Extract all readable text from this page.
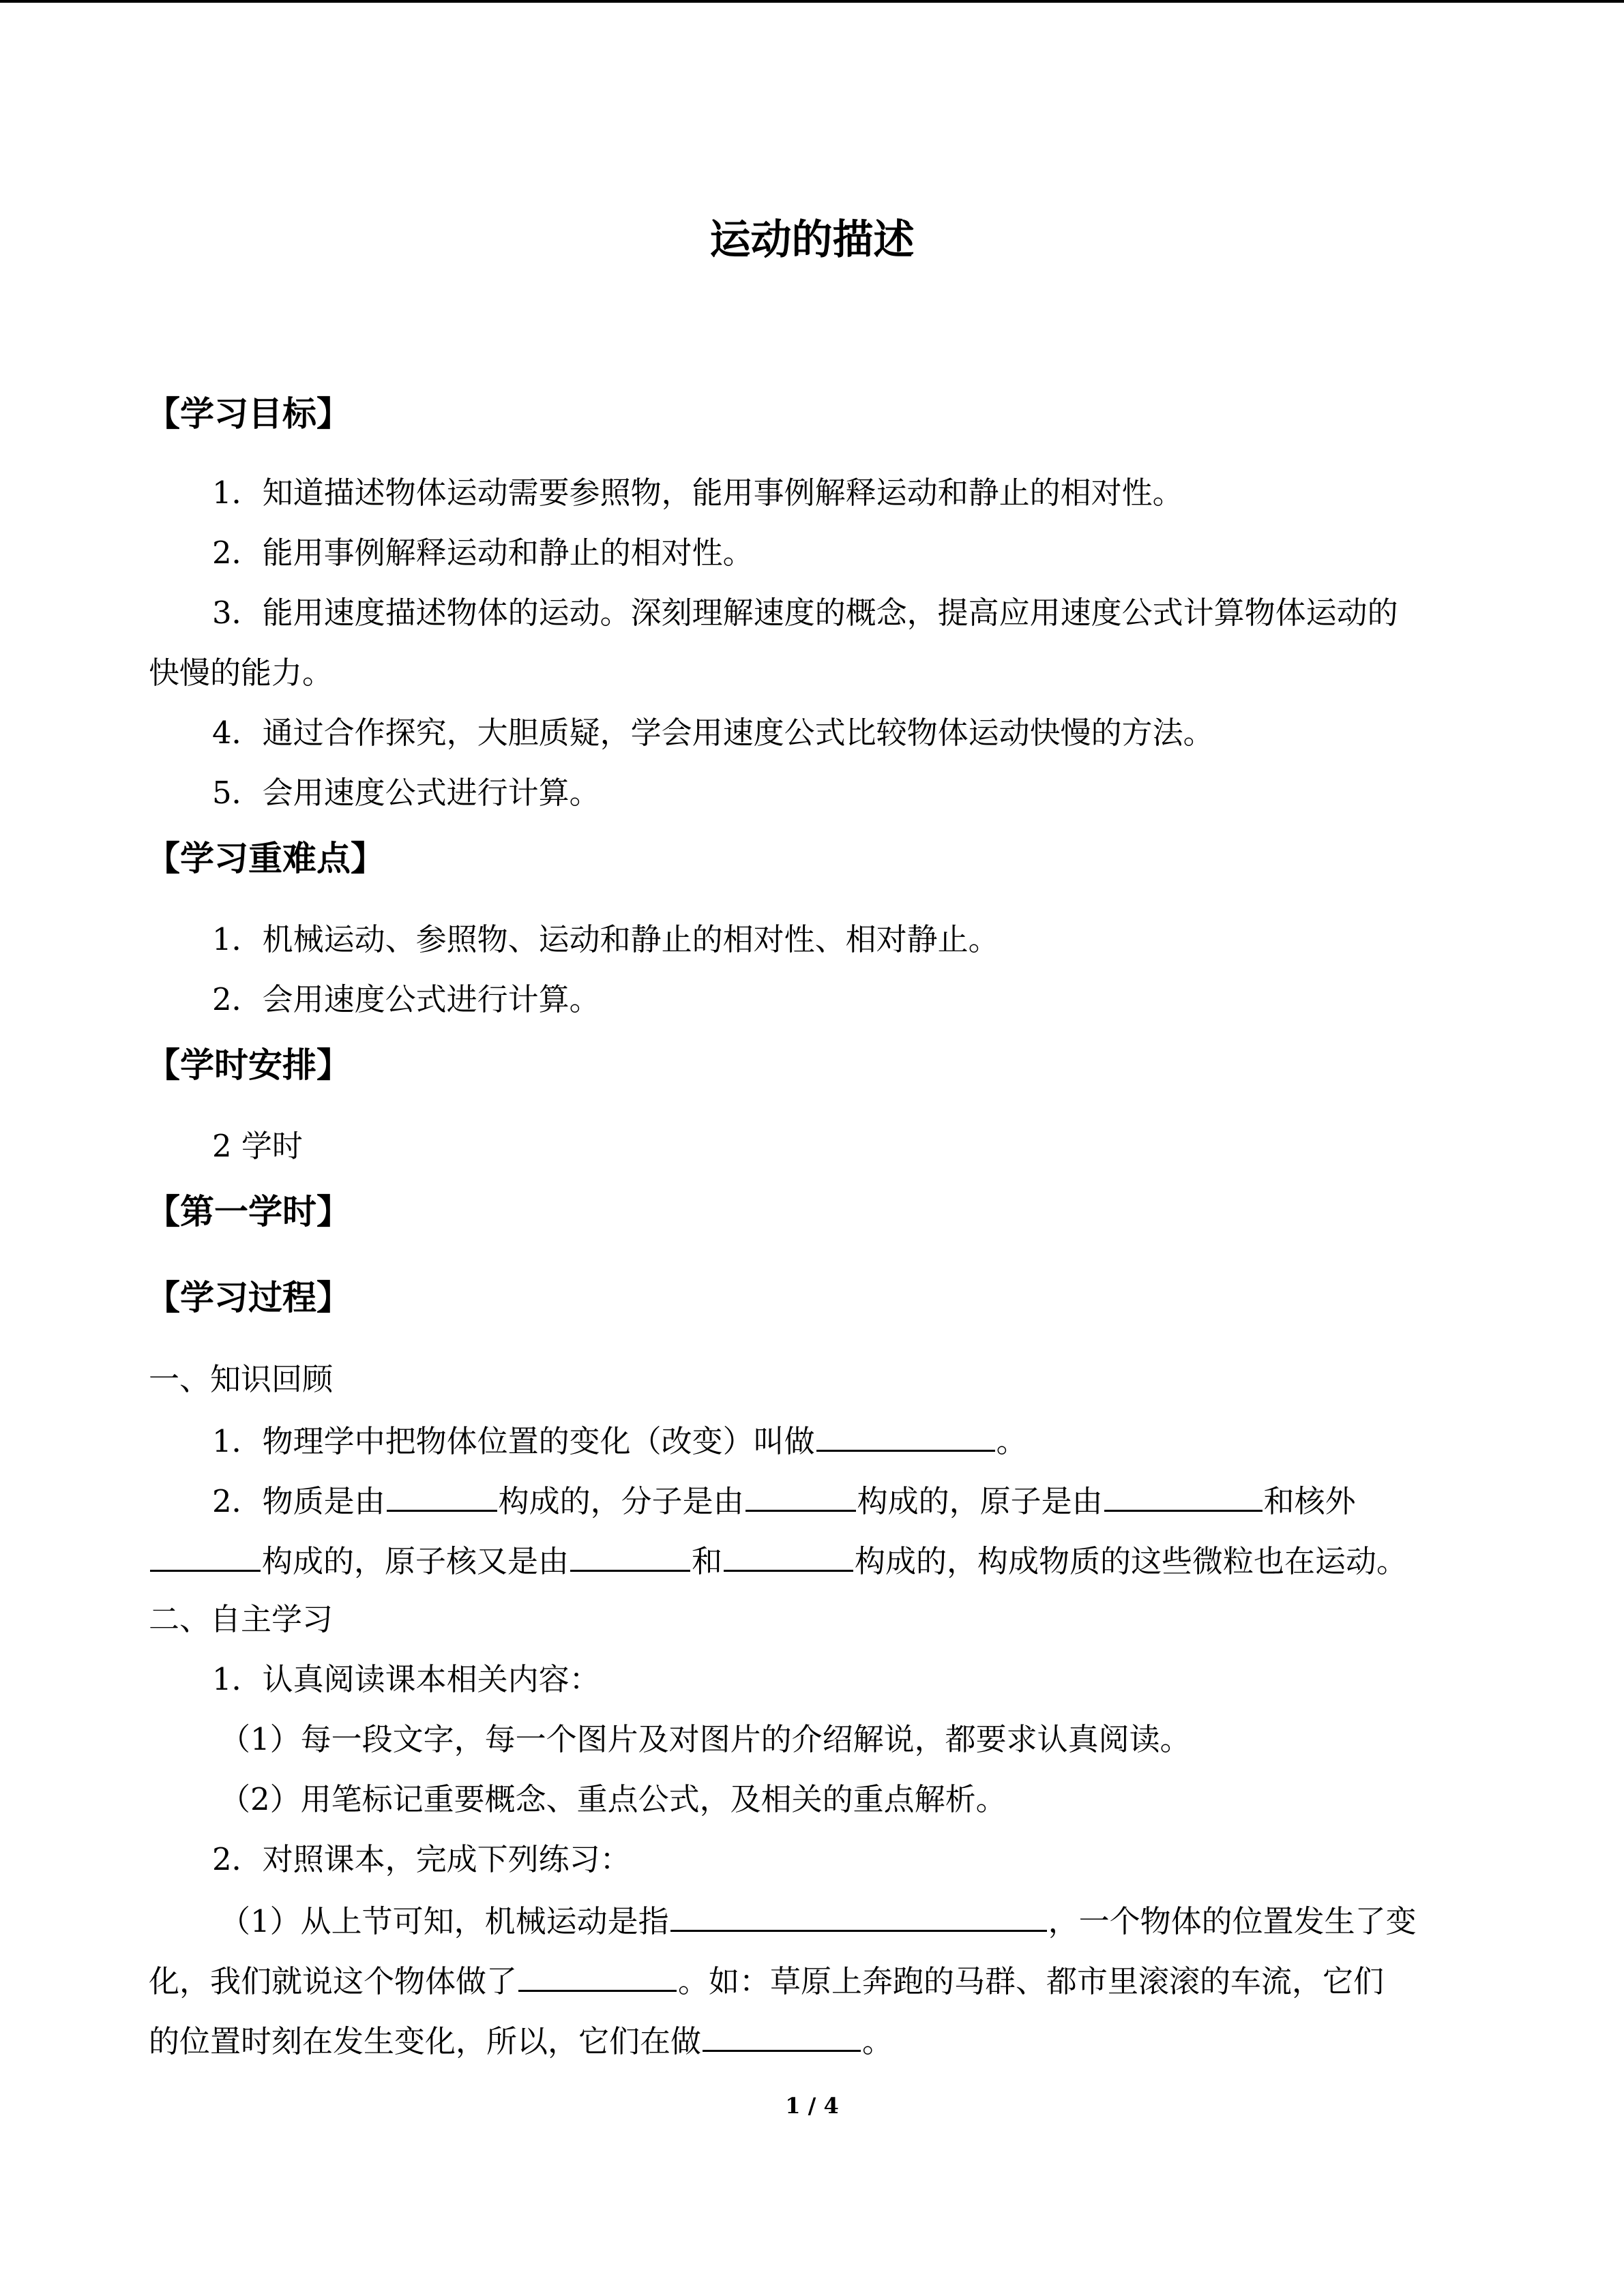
运动的描述
【学习目标】
1．知道描述物体运动需要参照物，能用事例解释运动和静止的相对性。
2．能用事例解释运动和静止的相对性。
3．能用速度描述物体的运动。深刻理解速度的概念，提高应用速度公式计算物体运动的
快慢的能力。
4．通过合作探究，大胆质疑，学会用速度公式比较物体运动快慢的方法。
5．会用速度公式进行计算。
【学习重难点】
1．机械运动、参照物、运动和静止的相对性、相对静止。
2．会用速度公式进行计算。
【学时安排】
2 学时
【第一学时】
【学习过程】
一、知识回顾
1．物理学中把物体位置的变化（改变）叫做	。
2．物质是由	构成的，分子是由	构成的，原子是由	和核外
构成的，原子核又是由	和	构成的，构成物质的这些微粒也在运动。
二、自主学习
1．认真阅读课本相关内容：
（1）每一段文字，每一个图片及对图片的介绍解说，都要求认真阅读。
（2）用笔标记重要概念、重点公式，及相关的重点解析。
2．对照课本，完成下列练习：
（1）从上节可知，机械运动是指	，一个物体的位置发生了变
化，我们就说这个物体做了	。如：草原上奔跑的马群、都市里滚滚的车流，它们
的位置时刻在发生变化，所以，它们在做	。
1 / 4
